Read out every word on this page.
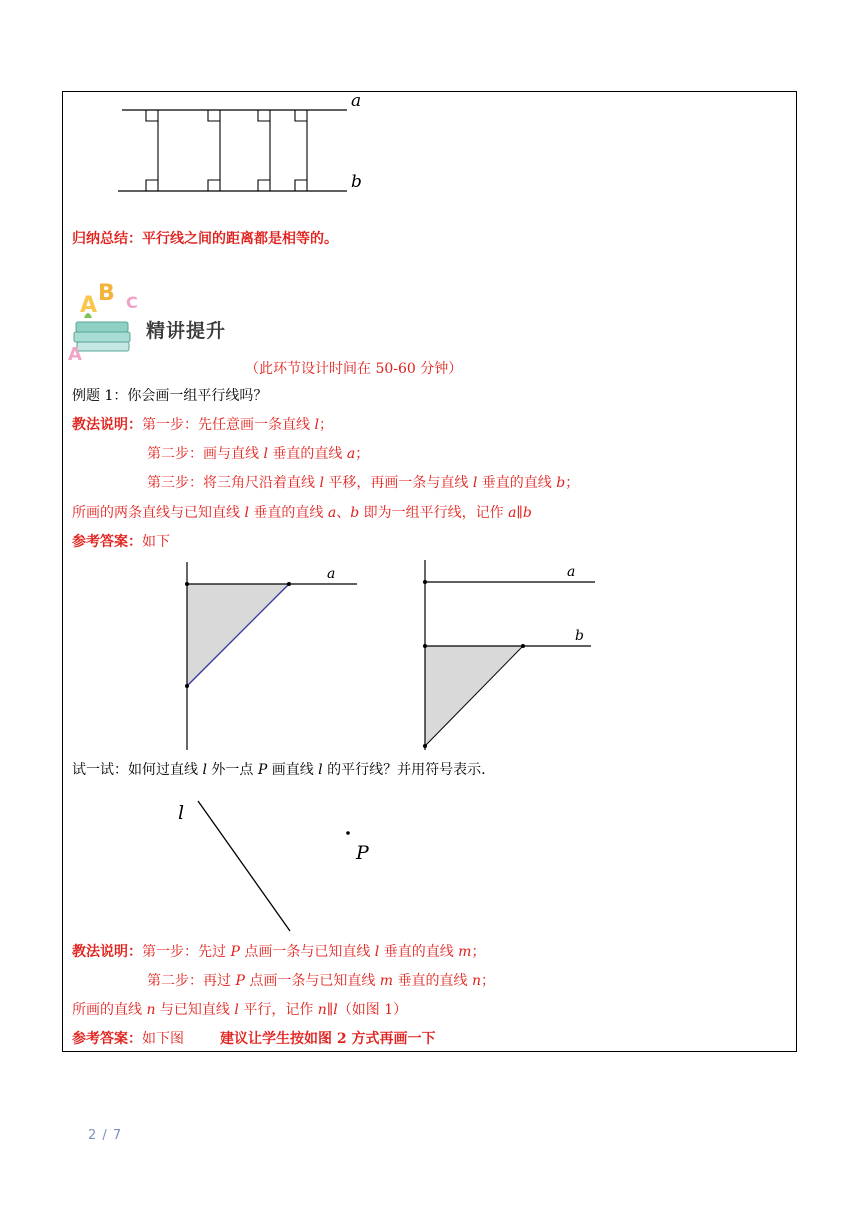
a
b
归纳总结：平行线之间的距离都是相等的。
A B C
A
精讲提升
（此环节设计时间在 50-60 分钟）
例题 1：你会画一组平行线吗？
教法说明：第一步：先任意画一条直线 l；
第二步：画与直线 l 垂直的直线 a；
第三步：将三角尺沿着直线 l 平移，再画一条与直线 l 垂直的直线 b；
所画的两条直线与已知直线 l 垂直的直线 a、b 即为一组平行线，记作 a∥b
参考答案：如下
a	a
b
试一试：如何过直线 l 外一点 P 画直线 l 的平行线？并用符号表示.
l
P
教法说明：第一步：先过 P 点画一条与已知直线 l 垂直的直线 m；
第二步：再过 P 点画一条与已知直线 m 垂直的直线 n；
所画的直线 n 与已知直线 l 平行，记作 n∥l（如图 1）
参考答案：如下图	建议让学生按如图 2 方式再画一下
2 / 7
